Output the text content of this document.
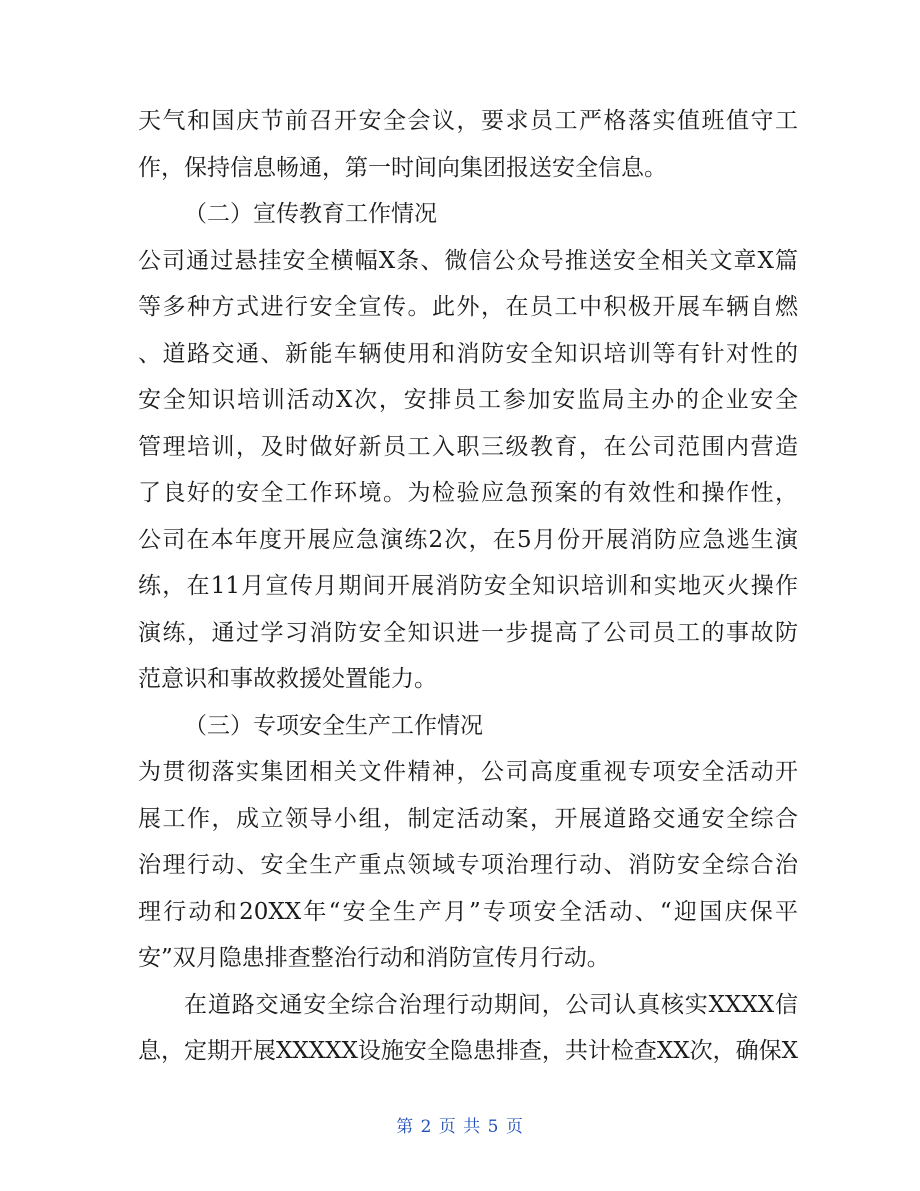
天气和国庆节前召开安全会议，要求员工严格落实值班值守工
作，保持信息畅通，第一时间向集团报送安全信息。
（二）宣传教育工作情况
公司通过悬挂安全横幅X条、微信公众号推送安全相关文章X篇
等多种方式进行安全宣传。此外，在员工中积极开展车辆自燃
、道路交通、新能车辆使用和消防安全知识培训等有针对性的
安全知识培训活动X次，安排员工参加安监局主办的企业安全
管理培训，及时做好新员工入职三级教育，在公司范围内营造
了良好的安全工作环境。为检验应急预案的有效性和操作性，
公司在本年度开展应急演练2次，在5月份开展消防应急逃生演
练，在11月宣传月期间开展消防安全知识培训和实地灭火操作
演练，通过学习消防安全知识进一步提高了公司员工的事故防
范意识和事故救援处置能力。
（三）专项安全生产工作情况
为贯彻落实集团相关文件精神，公司高度重视专项安全活动开
展工作，成立领导小组，制定活动案，开展道路交通安全综合
治理行动、安全生产重点领域专项治理行动、消防安全综合治
理行动和20XX年“安全生产月”专项安全活动、“迎国庆保平
安”双月隐患排查整治行动和消防宣传月行动。
在道路交通安全综合治理行动期间，公司认真核实XXXX信
息，定期开展XXXXX设施安全隐患排查，共计检查XX次，确保X
第 2 页 共 5 页
